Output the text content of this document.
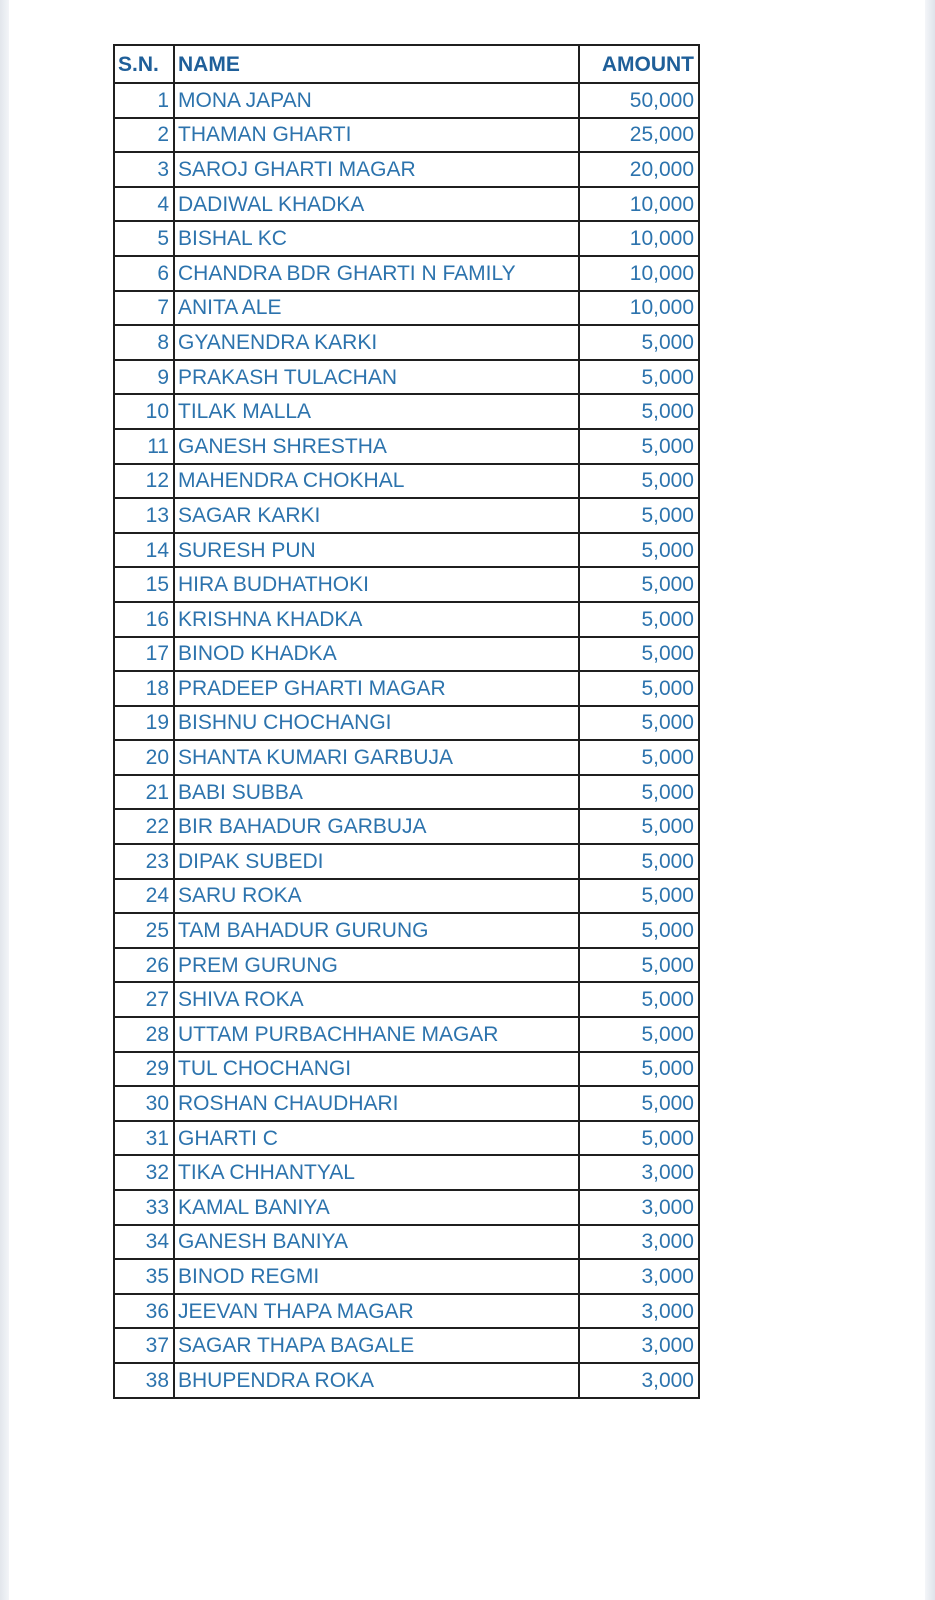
S.N.	NAME	AMOUNT
1	MONA JAPAN	50,000
2	THAMAN GHARTI	25,000
3	SAROJ GHARTI MAGAR	20,000
4	DADIWAL KHADKA	10,000
5	BISHAL KC	10,000
6	CHANDRA BDR GHARTI N FAMILY	10,000
7	ANITA ALE	10,000
8	GYANENDRA KARKI	5,000
9	PRAKASH TULACHAN	5,000
10	TILAK MALLA	5,000
11	GANESH SHRESTHA	5,000
12	MAHENDRA CHOKHAL	5,000
13	SAGAR KARKI	5,000
14	SURESH PUN	5,000
15	HIRA BUDHATHOKI	5,000
16	KRISHNA KHADKA	5,000
17	BINOD KHADKA	5,000
18	PRADEEP GHARTI MAGAR	5,000
19	BISHNU CHOCHANGI	5,000
20	SHANTA KUMARI GARBUJA	5,000
21	BABI SUBBA	5,000
22	BIR BAHADUR GARBUJA	5,000
23	DIPAK SUBEDI	5,000
24	SARU ROKA	5,000
25	TAM BAHADUR GURUNG	5,000
26	PREM GURUNG	5,000
27	SHIVA ROKA	5,000
28	UTTAM PURBACHHANE MAGAR	5,000
29	TUL CHOCHANGI	5,000
30	ROSHAN CHAUDHARI	5,000
31	GHARTI C	5,000
32	TIKA CHHANTYAL	3,000
33	KAMAL BANIYA	3,000
34	GANESH BANIYA	3,000
35	BINOD REGMI	3,000
36	JEEVAN THAPA MAGAR	3,000
37	SAGAR THAPA BAGALE	3,000
38	BHUPENDRA ROKA	3,000
